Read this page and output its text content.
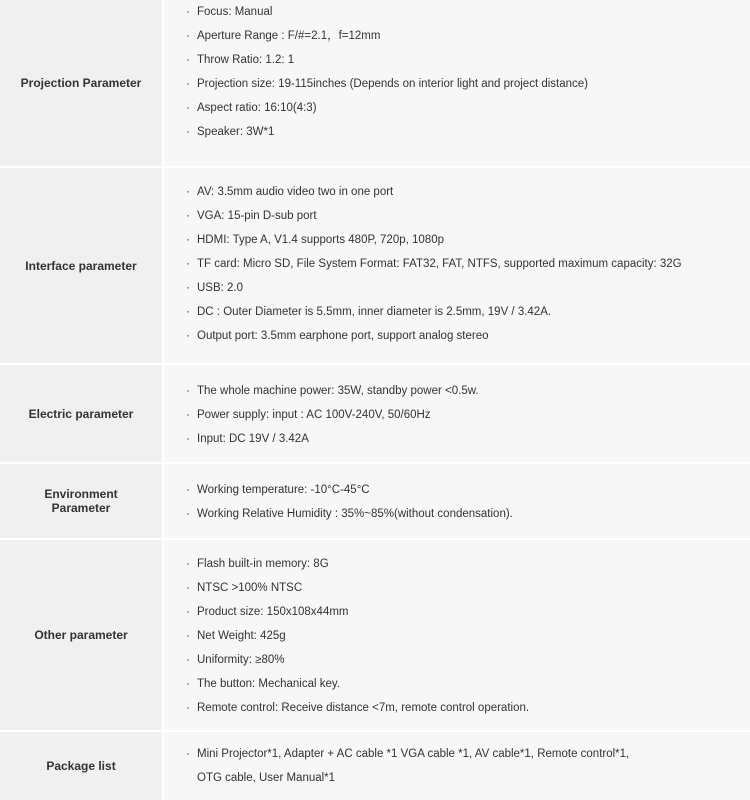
Projection Parameter
· Focus: Manual
· Aperture Range : F/#=2.1，f=12mm
· Throw Ratio: 1.2: 1
· Projection size: 19-115inches (Depends on interior light and project distance)
· Aspect ratio: 16:10(4:3)
· Speaker: 3W*1
Interface parameter
· AV: 3.5mm audio video two in one port
· VGA: 15-pin D-sub port
· HDMI: Type A, V1.4 supports 480P, 720p, 1080p
· TF card: Micro SD, File System Format: FAT32, FAT, NTFS, supported maximum capacity: 32G
· USB: 2.0
· DC : Outer Diameter is 5.5mm, inner diameter is 2.5mm, 19V / 3.42A.
· Output port: 3.5mm earphone port, support analog stereo
Electric parameter
· The whole machine power: 35W, standby power <0.5w.
· Power supply: input : AC 100V-240V, 50/60Hz
· Input: DC 19V / 3.42A
Environment Parameter
· Working temperature: -10°C-45°C
· Working Relative Humidity : 35%~85%(without condensation).
Other parameter
· Flash built-in memory: 8G
· NTSC >100% NTSC
· Product size: 150x108x44mm
· Net Weight: 425g
· Uniformity: ≥80%
· The button: Mechanical key.
· Remote control: Receive distance <7m, remote control operation.
Package list
· Mini Projector*1, Adapter + AC cable *1 VGA cable *1, AV cable*1, Remote control*1,
OTG cable, User Manual*1
